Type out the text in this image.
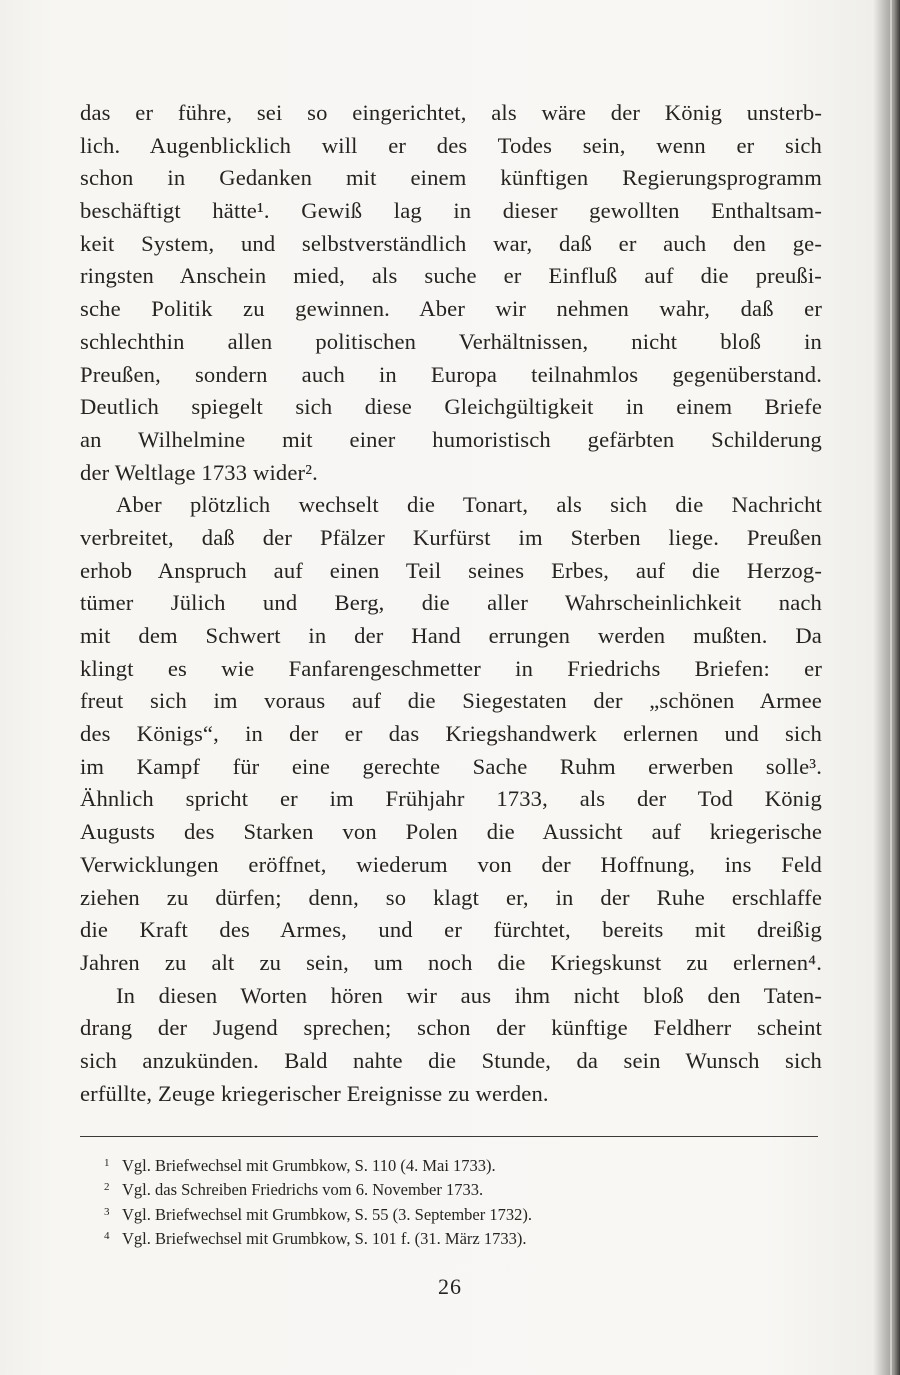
das er führe, sei so eingerichtet, als wäre der König unsterb-
lich. Augenblicklich will er des Todes sein, wenn er sich
schon in Gedanken mit einem künftigen Regierungsprogramm
beschäftigt hätte¹. Gewiß lag in dieser gewollten Enthaltsam-
keit System, und selbstverständlich war, daß er auch den ge-
ringsten Anschein mied, als suche er Einfluß auf die preußi-
sche Politik zu gewinnen. Aber wir nehmen wahr, daß er
schlechthin allen politischen Verhältnissen, nicht bloß in
Preußen, sondern auch in Europa teilnahmlos gegenüberstand.
Deutlich spiegelt sich diese Gleichgültigkeit in einem Briefe
an Wilhelmine mit einer humoristisch gefärbten Schilderung
der Weltlage 1733 wider².
Aber plötzlich wechselt die Tonart, als sich die Nachricht
verbreitet, daß der Pfälzer Kurfürst im Sterben liege. Preußen
erhob Anspruch auf einen Teil seines Erbes, auf die Herzog-
tümer Jülich und Berg, die aller Wahrscheinlichkeit nach
mit dem Schwert in der Hand errungen werden mußten. Da
klingt es wie Fanfarengeschmetter in Friedrichs Briefen: er
freut sich im voraus auf die Siegestaten der „schönen Armee
des Königs“, in der er das Kriegshandwerk erlernen und sich
im Kampf für eine gerechte Sache Ruhm erwerben solle³.
Ähnlich spricht er im Frühjahr 1733, als der Tod König
Augusts des Starken von Polen die Aussicht auf kriegerische
Verwicklungen eröffnet, wiederum von der Hoffnung, ins Feld
ziehen zu dürfen; denn, so klagt er, in der Ruhe erschlaffe
die Kraft des Armes, und er fürchtet, bereits mit dreißig
Jahren zu alt zu sein, um noch die Kriegskunst zu erlernen⁴.
In diesen Worten hören wir aus ihm nicht bloß den Taten-
drang der Jugend sprechen; schon der künftige Feldherr scheint
sich anzukünden. Bald nahte die Stunde, da sein Wunsch sich
erfüllte, Zeuge kriegerischer Ereignisse zu werden.
1 Vgl. Briefwechsel mit Grumbkow, S. 110 (4. Mai 1733).
2 Vgl. das Schreiben Friedrichs vom 6. November 1733.
3 Vgl. Briefwechsel mit Grumbkow, S. 55 (3. September 1732).
4 Vgl. Briefwechsel mit Grumbkow, S. 101 f. (31. März 1733).
26
